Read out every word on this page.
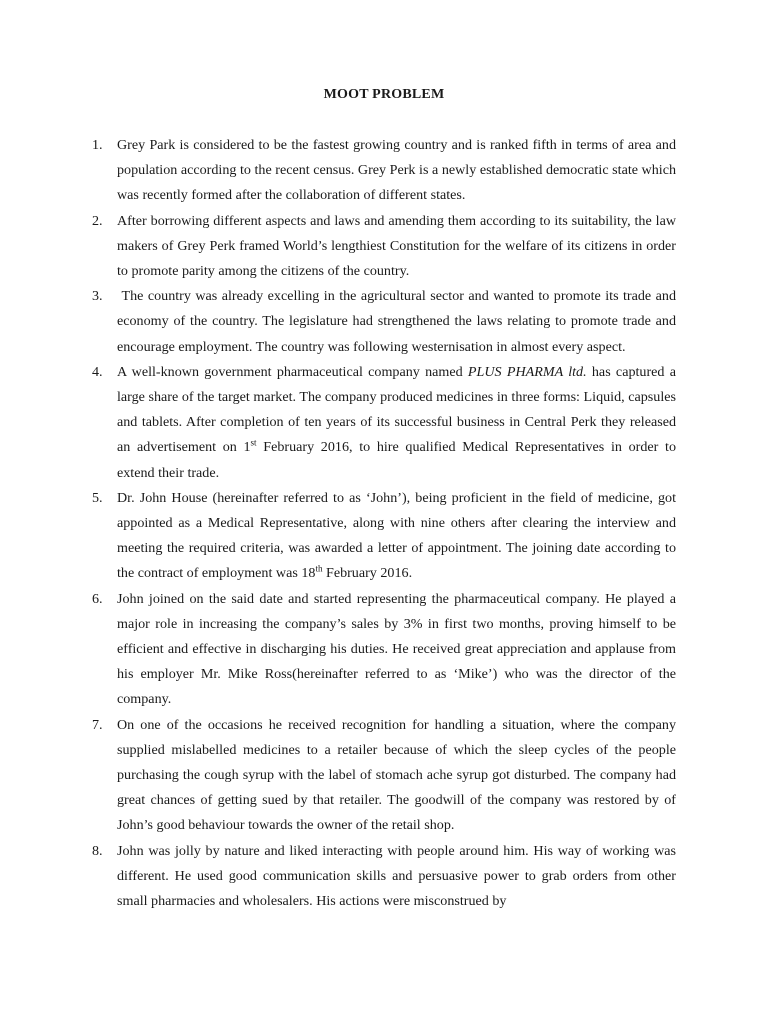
MOOT PROBLEM
1. Grey Park is considered to be the fastest growing country and is ranked fifth in terms of area and population according to the recent census. Grey Perk is a newly established democratic state which was recently formed after the collaboration of different states.
2. After borrowing different aspects and laws and amending them according to its suitability, the law makers of Grey Perk framed World’s lengthiest Constitution for the welfare of its citizens in order to promote parity among the citizens of the country.
3. The country was already excelling in the agricultural sector and wanted to promote its trade and economy of the country. The legislature had strengthened the laws relating to promote trade and encourage employment. The country was following westernisation in almost every aspect.
4. A well-known government pharmaceutical company named PLUS PHARMA ltd. has captured a large share of the target market. The company produced medicines in three forms: Liquid, capsules and tablets. After completion of ten years of its successful business in Central Perk they released an advertisement on 1st February 2016, to hire qualified Medical Representatives in order to extend their trade.
5. Dr. John House (hereinafter referred to as ‘John’), being proficient in the field of medicine, got appointed as a Medical Representative, along with nine others after clearing the interview and meeting the required criteria, was awarded a letter of appointment. The joining date according to the contract of employment was 18th February 2016.
6. John joined on the said date and started representing the pharmaceutical company. He played a major role in increasing the company’s sales by 3% in first two months, proving himself to be efficient and effective in discharging his duties. He received great appreciation and applause from his employer Mr. Mike Ross(hereinafter referred to as ‘Mike’) who was the director of the company.
7. On one of the occasions he received recognition for handling a situation, where the company supplied mislabelled medicines to a retailer because of which the sleep cycles of the people purchasing the cough syrup with the label of stomach ache syrup got disturbed. The company had great chances of getting sued by that retailer. The goodwill of the company was restored by of John’s good behaviour towards the owner of the retail shop.
8. John was jolly by nature and liked interacting with people around him. His way of working was different. He used good communication skills and persuasive power to grab orders from other small pharmacies and wholesalers. His actions were misconstrued by
